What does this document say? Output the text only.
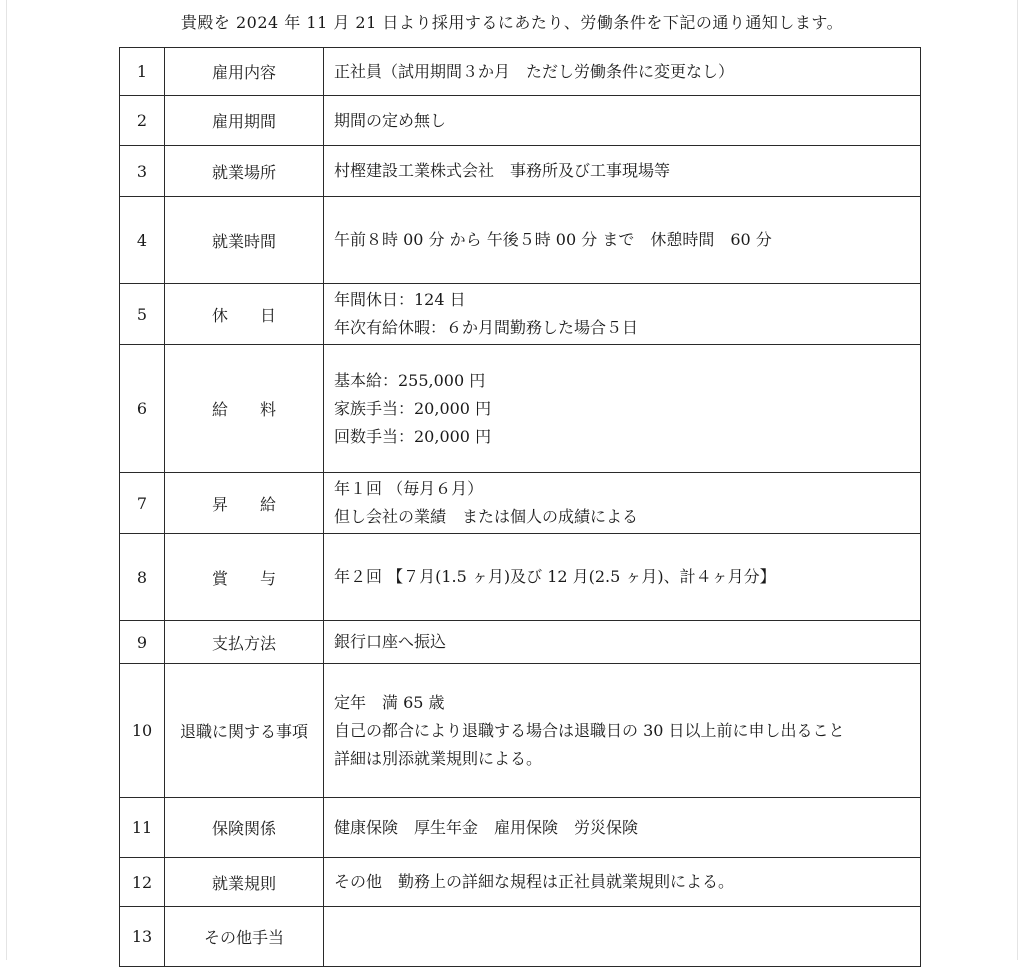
貴殿を 2024 年 11 月 21 日より採用するにあたり、労働条件を下記の通り通知します。
1	雇用内容	正社員（試用期間３か月　ただし労働条件に変更なし）

2	雇用期間	期間の定め無し

3	就業場所	村樫建設工業株式会社　事務所及び工事現場等

4	就業時間	午前８時 00 分 から 午後５時 00 分 まで　休憩時間　60 分

5	休　　日	年間休日：124 日
年次有給休暇：６か月間勤務した場合５日

6	給　　料	基本給：255,000 円
家族手当：20,000 円
回数手当：20,000 円

7	昇　　給	年１回 （毎月６月）
但し会社の業績　または個人の成績による

8	賞　　与	年２回 【７月(1.5 ヶ月)及び 12 月(2.5 ヶ月)、計４ヶ月分】

9	支払方法	銀行口座へ振込

10	退職に関する事項	定年　満 65 歳
自己の都合により退職する場合は退職日の 30 日以上前に申し出ること
詳細は別添就業規則による。

11	保険関係	健康保険　厚生年金　雇用保険　労災保険

12	就業規則	その他　勤務上の詳細な規程は正社員就業規則による。

13	その他手当	
